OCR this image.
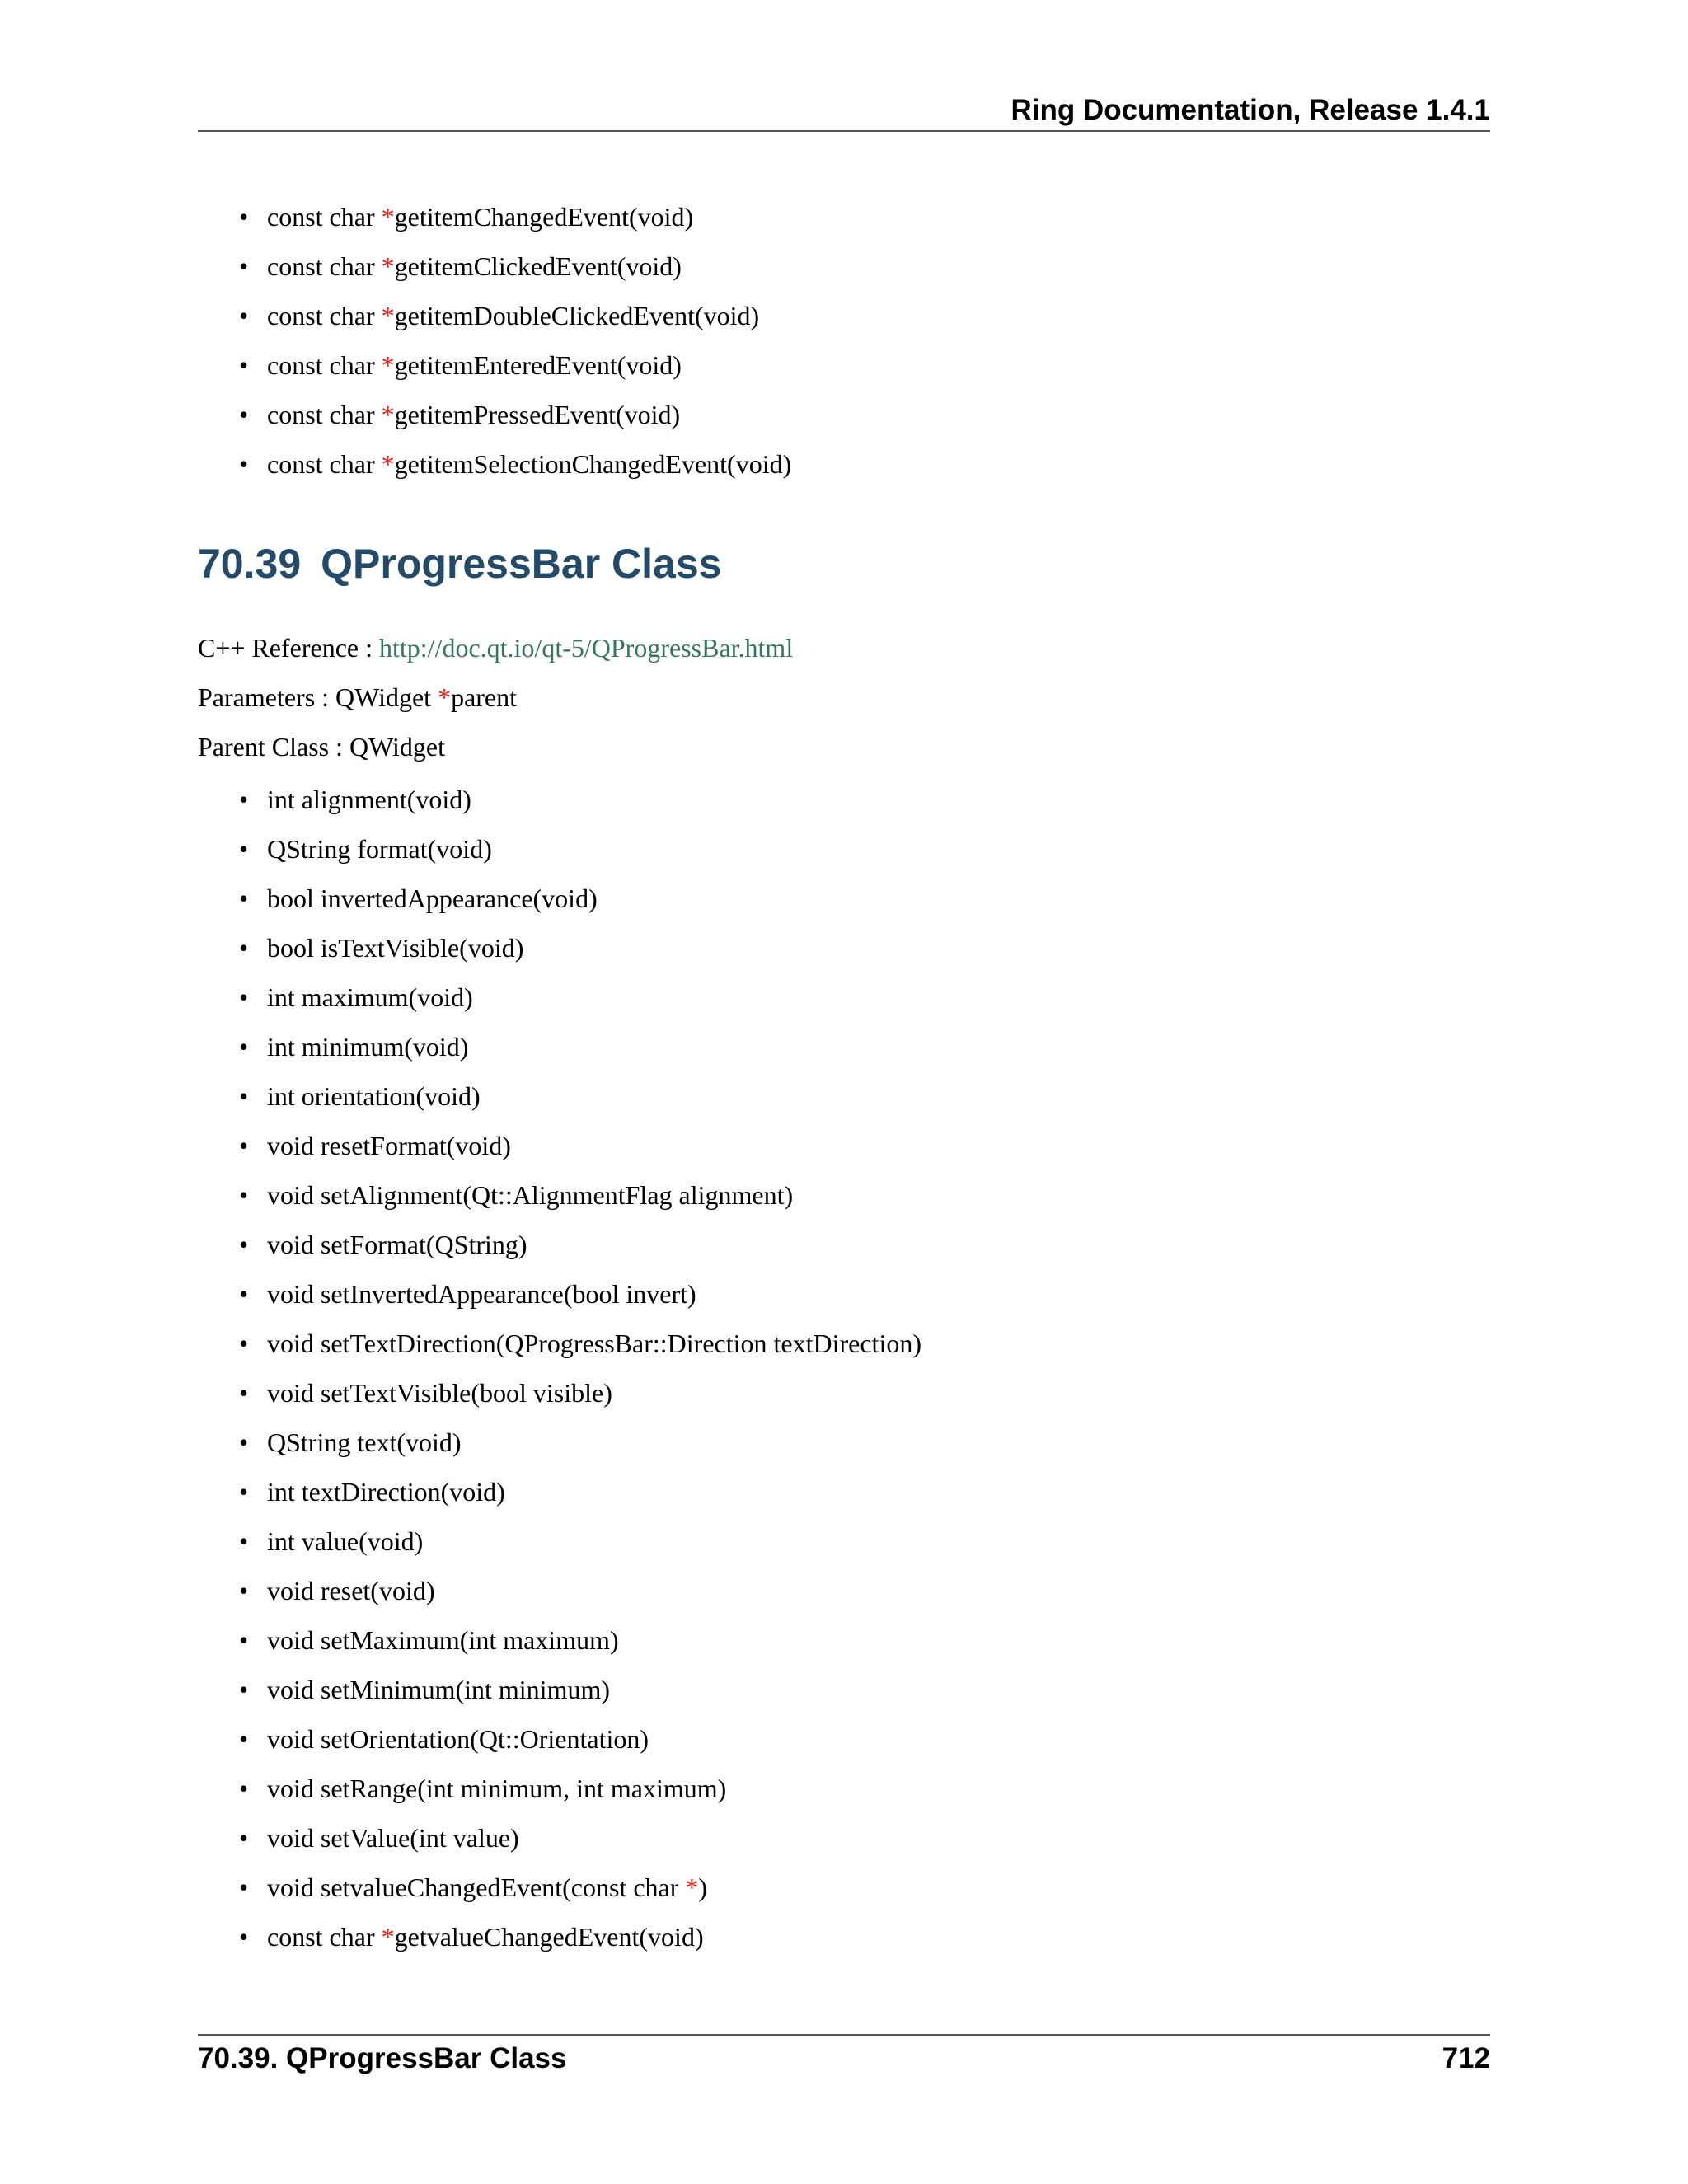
Ring Documentation, Release 1.4.1
• const char *getitemChangedEvent(void)
• const char *getitemClickedEvent(void)
• const char *getitemDoubleClickedEvent(void)
• const char *getitemEnteredEvent(void)
• const char *getitemPressedEvent(void)
• const char *getitemSelectionChangedEvent(void)
70.39 QProgressBar Class
C++ Reference : http://doc.qt.io/qt-5/QProgressBar.html
Parameters : QWidget *parent
Parent Class : QWidget
• int alignment(void)
• QString format(void)
• bool invertedAppearance(void)
• bool isTextVisible(void)
• int maximum(void)
• int minimum(void)
• int orientation(void)
• void resetFormat(void)
• void setAlignment(Qt::AlignmentFlag alignment)
• void setFormat(QString)
• void setInvertedAppearance(bool invert)
• void setTextDirection(QProgressBar::Direction textDirection)
• void setTextVisible(bool visible)
• QString text(void)
• int textDirection(void)
• int value(void)
• void reset(void)
• void setMaximum(int maximum)
• void setMinimum(int minimum)
• void setOrientation(Qt::Orientation)
• void setRange(int minimum, int maximum)
• void setValue(int value)
• void setvalueChangedEvent(const char *)
• const char *getvalueChangedEvent(void)
70.39. QProgressBar Class	712
